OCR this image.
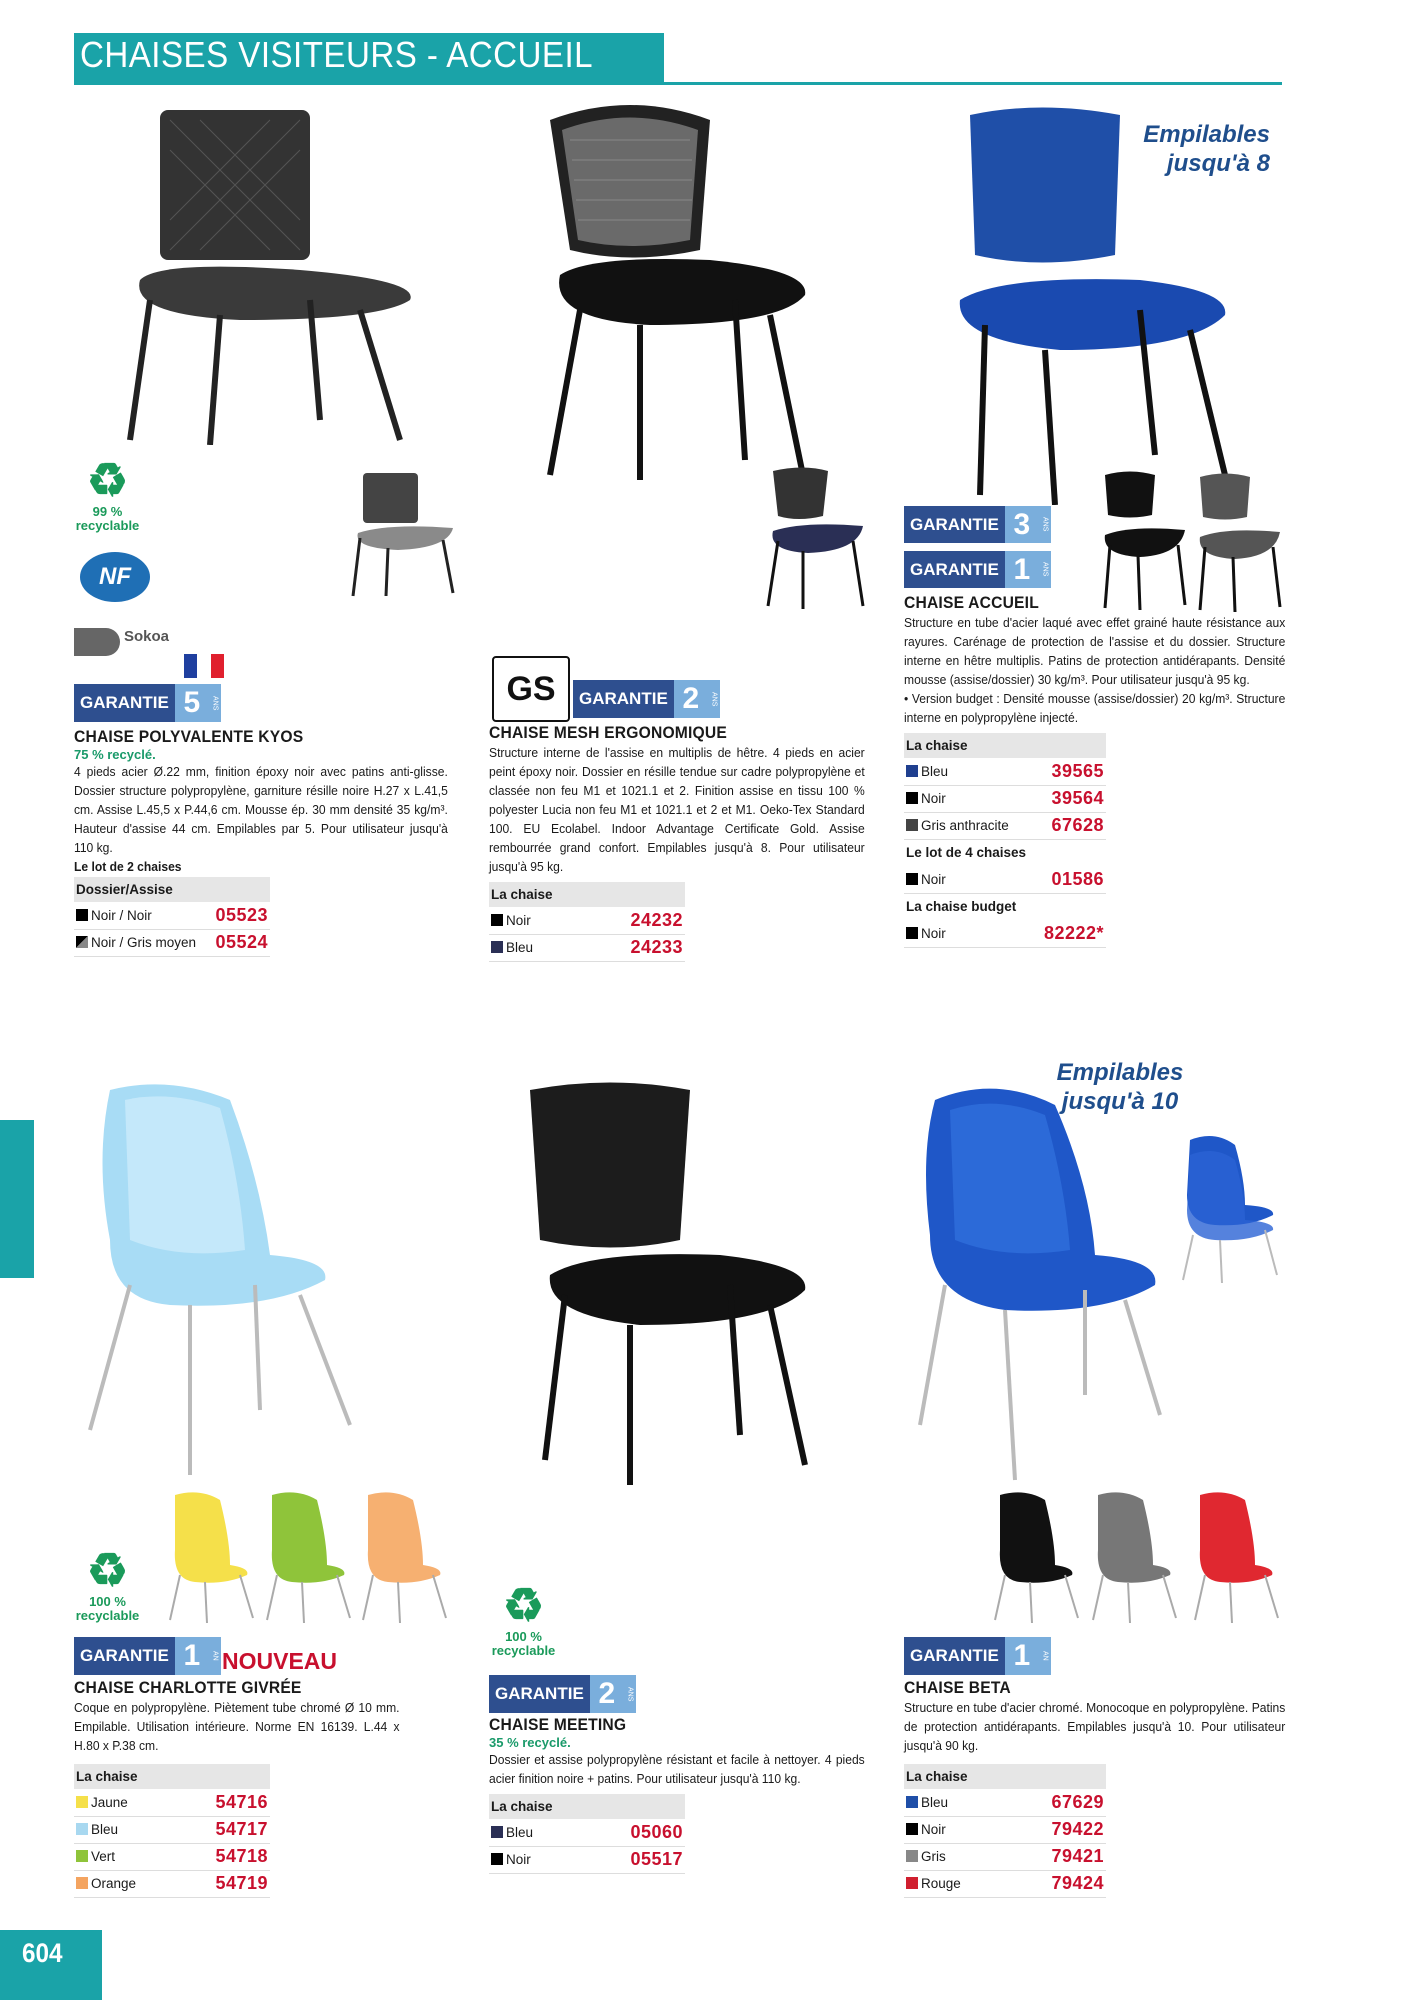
CHAISES VISITEURS - ACCUEIL
♻
99 %
recyclable
NF
Sokoa
GARANTIE 5	ANS
CHAISE POLYVALENTE KYOS
75 % recyclé.
4 pieds acier Ø.22 mm, finition époxy noir avec patins anti-glisse. Dossier structure polypropylène, garniture résille noire H.27 x L.41,5 cm. Assise L.45,5 x P.44,6 cm. Mousse ép. 30 mm densité 35 kg/m³. Hauteur d'assise 44 cm. Empilables par 5. Pour utilisateur jusqu'à 110 kg.
Le lot de 2 chaises
Dossier/Assise	
Noir / Noir	05523
Noir / Gris moyen	05524
GS	GARANTIE 2	ANS
CHAISE MESH ERGONOMIQUE
Structure interne de l'assise en multiplis de hêtre. 4 pieds en acier peint époxy noir. Dossier en résille tendue sur cadre polypropylène et classée non feu M1 et 1021.1 et 2. Finition assise en tissu 100 % polyester Lucia non feu M1 et 1021.1 et 2 et M1. Oeko-Tex Standard 100. EU Ecolabel. Indoor Advantage Certificate Gold. Assise rembourrée grand confort. Empilables jusqu'à 8. Pour utilisateur jusqu'à 95 kg.
La chaise	
Noir	24232
Bleu	24233
Empilables
jusqu'à 8
GARANTIE 3	ANS
GARANTIE 1	ANS
CHAISE ACCUEIL
Structure en tube d'acier laqué avec effet grainé haute résistance aux rayures. Carénage de protection de l'assise et du dossier. Structure interne en hêtre multiplis. Patins de protection antidérapants. Densité mousse (assise/dossier) 30 kg/m³. Pour utilisateur jusqu'à 95 kg.
• Version budget : Densité mousse (assise/dossier) 20 kg/m³. Structure interne en polypropylène injecté.
La chaise	
Bleu	39565
Noir	39564
Gris anthracite	67628
Le lot de 4 chaises	
Noir	01586
La chaise budget	
Noir	82222*
♻
100 %
recyclable
GARANTIE 1	AN NOUVEAU
CHAISE CHARLOTTE GIVRÉE
Coque en polypropylène. Piètement tube chromé Ø 10 mm. Empilable. Utilisation intérieure. Norme EN 16139. L.44 x H.80 x P.38 cm.
La chaise	
Jaune	54716
Bleu	54717
Vert	54718
Orange	54719
♻
100 %
recyclable
GARANTIE 2	ANS
CHAISE MEETING
35 % recyclé.
Dossier et assise polypropylène résistant et facile à nettoyer. 4 pieds acier finition noire + patins. Pour utilisateur jusqu'à 110 kg.
La chaise	
Bleu	05060
Noir	05517
Empilables
jusqu'à 10
GARANTIE 1	AN
CHAISE BETA
Structure en tube d'acier chromé. Monocoque en polypropylène. Patins de protection antidérapants. Empilables jusqu'à 10. Pour utilisateur jusqu'à 90 kg.
La chaise	
Bleu	67629
Noir	79422
Gris	79421
Rouge	79424
604
